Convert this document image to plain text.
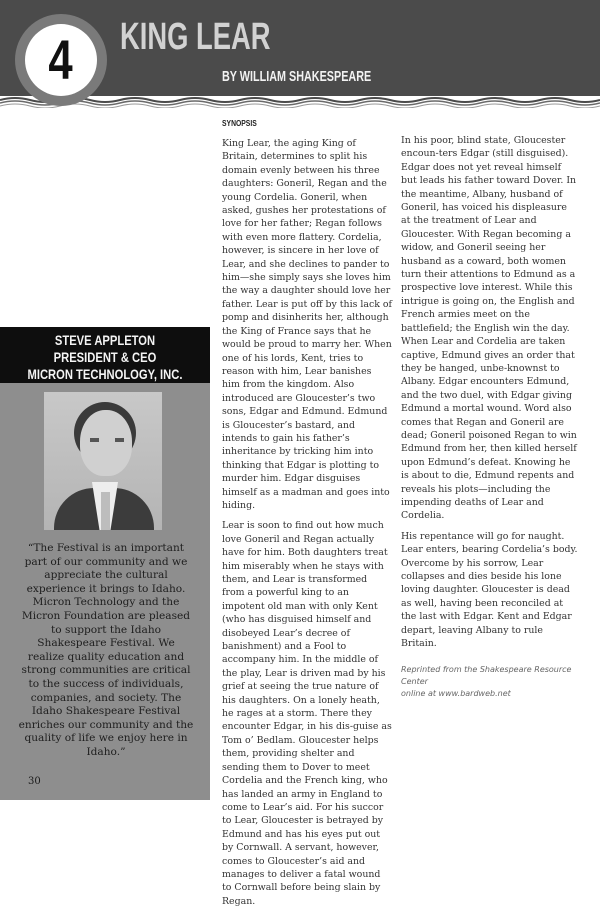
KING LEAR
BY WILLIAM SHAKESPEARE
4
SYNOPSIS

King Lear, the aging King of Britain, determines to split his domain evenly between his three daughters: Goneril, Regan and the young Cordelia. Goneril, when asked, gushes her protestations of love for her father; Regan follows with even more flattery. Cordelia, however, is sincere in her love of Lear, and she declines to pander to him—she simply says she loves him the way a daughter should love her father. Lear is put off by this lack of pomp and disinherits her, although the King of France says that he would be proud to marry her. When one of his lords, Kent, tries to reason with him, Lear banishes him from the kingdom. Also introduced are Gloucester’s two sons, Edgar and Edmund. Edmund is Gloucester’s bastard, and intends to gain his father’s inheritance by tricking him into thinking that Edgar is plotting to murder him. Edgar disguises himself as a madman and goes into hiding.

Lear is soon to find out how much love Goneril and Regan actually have for him. Both daughters treat him miserably when he stays with them, and Lear is transformed from a powerful king to an impotent old man with only Kent (who has disguised himself and disobeyed Lear’s decree of banishment) and a Fool to accompany him. In the middle of the play, Lear is driven mad by his grief at seeing the true nature of his daughters. On a lonely heath, he rages at a storm. There they encounter Edgar, in his dis-guise as Tom o’ Bedlam. Gloucester helps them, providing shelter and sending them to Dover to meet Cordelia and the French king, who has landed an army in England to come to Lear’s aid. For his succor to Lear, Gloucester is betrayed by Edmund and has his eyes put out by Cornwall. A servant, however, comes to Gloucester’s aid and manages to deliver a fatal wound to Cornwall before being slain by Regan.

In his poor, blind state, Gloucester encoun-ters Edgar (still disguised). Edgar does not yet reveal himself but leads his father toward Dover. In the meantime, Albany, husband of Goneril, has voiced his displeasure at the treatment of Lear and Gloucester. With Regan becoming a widow, and Goneril seeing her husband as a coward, both women turn their attentions to Edmund as a prospective love interest. While this intrigue is going on, the English and French armies meet on the battlefield; the English win the day. When Lear and Cordelia are taken captive, Edmund gives an order that they be hanged, unbe-knownst to Albany. Edgar encounters Edmund, and the two duel, with Edgar giving Edmund a mortal wound. Word also comes that Regan and Goneril are dead; Goneril poisoned Regan to win Edmund from her, then killed herself upon Edmund’s defeat. Knowing he is about to die, Edmund repents and reveals his plots—including the impending deaths of Lear and Cordelia.

His repentance will go for naught. Lear enters, bearing Cordelia’s body. Overcome by his sorrow, Lear collapses and dies beside his lone loving daughter. Gloucester is dead as well, having been reconciled at the last with Edgar. Kent and Edgar depart, leaving Albany to rule Britain.

Reprinted from the Shakespeare Resource Center
online at www.bardweb.net
STEVE APPLETON
PRESIDENT & CEO
MICRON TECHNOLOGY, INC.
“The Festival is an important part of our community and we appreciate the cultural experience it brings to Idaho. Micron Technology and the Micron Foundation are pleased to support the Idaho Shakespeare Festival. We realize quality education and strong communities are critical to the success of individuals, companies, and society. The Idaho Shakespeare Festival enriches our community and the quality of life we enjoy here in Idaho.”
30
